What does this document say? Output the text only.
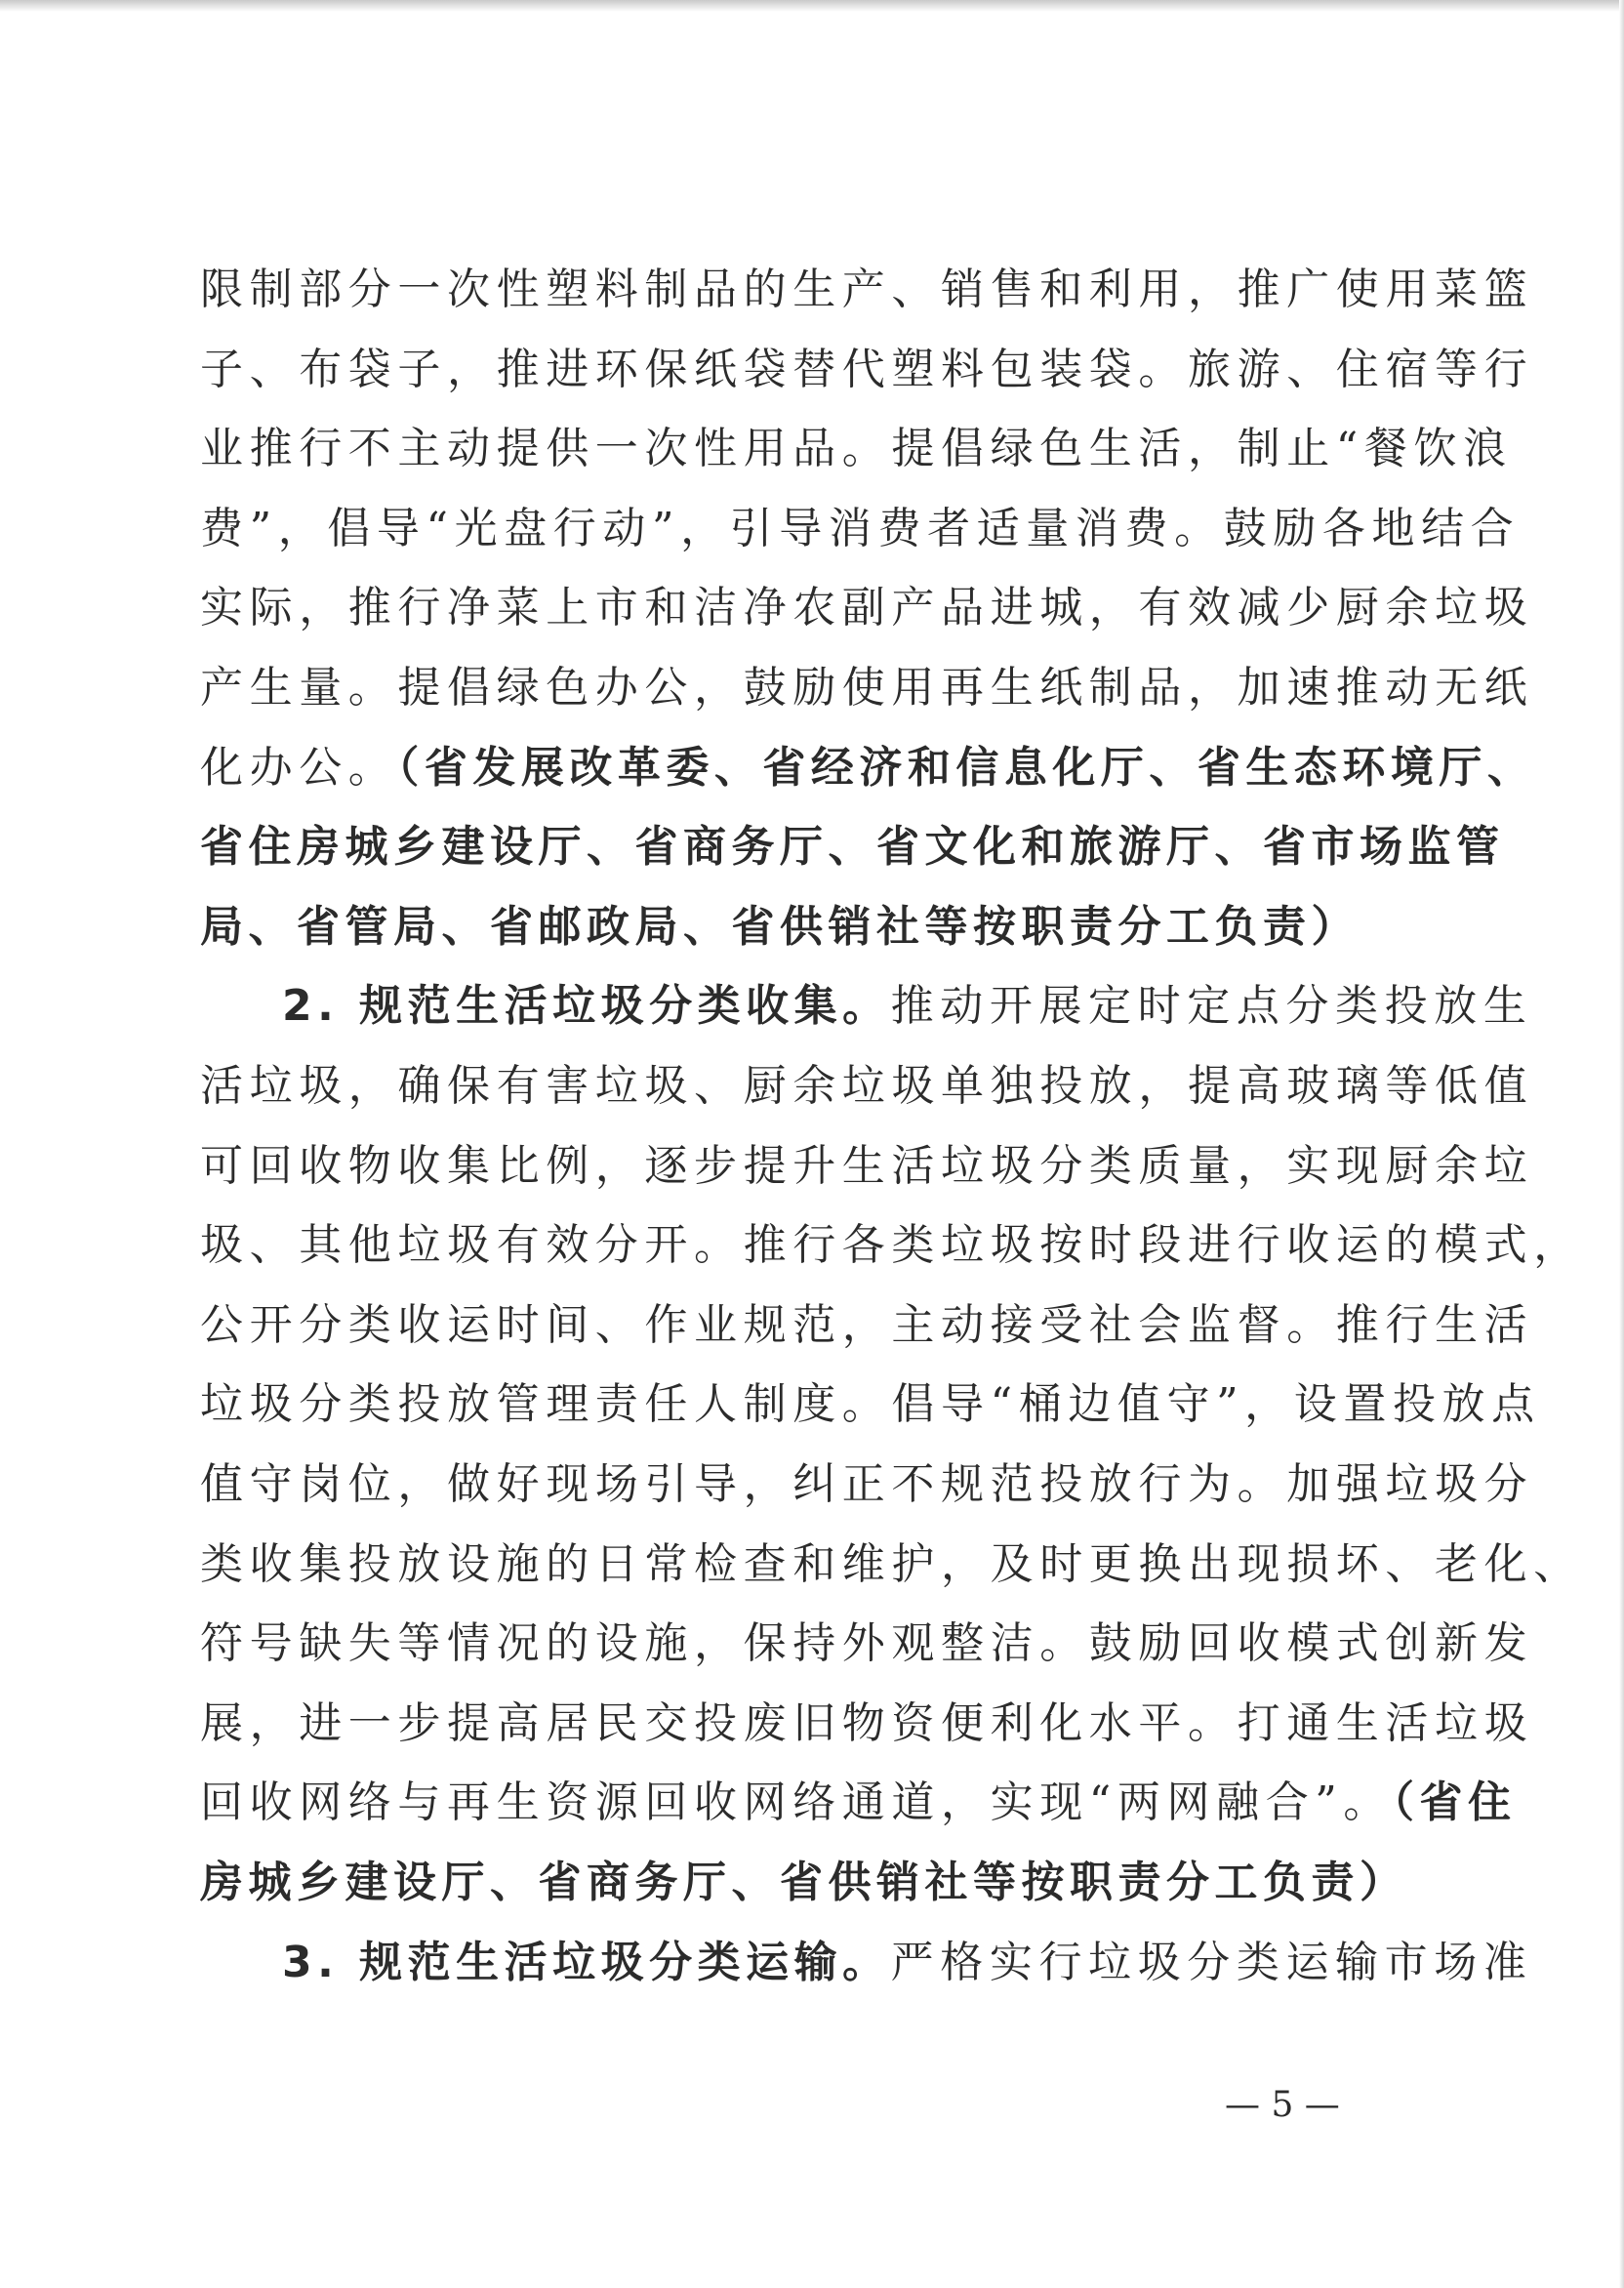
限制部分一次性塑料制品的生产、销售和利用，推广使用菜篮
子、布袋子，推进环保纸袋替代塑料包装袋。旅游、住宿等行
业推行不主动提供一次性用品。提倡绿色生活，制止“餐饮浪
费”，倡导“光盘行动”，引导消费者适量消费。鼓励各地结合
实际，推行净菜上市和洁净农副产品进城，有效减少厨余垃圾
产生量。提倡绿色办公，鼓励使用再生纸制品，加速推动无纸
化办公。（省发展改革委、省经济和信息化厅、省生态环境厅、
省住房城乡建设厅、省商务厅、省文化和旅游厅、省市场监管
局、省管局、省邮政局、省供销社等按职责分工负责）
2. 规范生活垃圾分类收集。推动开展定时定点分类投放生
活垃圾，确保有害垃圾、厨余垃圾单独投放，提高玻璃等低值
可回收物收集比例，逐步提升生活垃圾分类质量，实现厨余垃
圾、其他垃圾有效分开。推行各类垃圾按时段进行收运的模式，
公开分类收运时间、作业规范，主动接受社会监督。推行生活
垃圾分类投放管理责任人制度。倡导“桶边值守”，设置投放点
值守岗位，做好现场引导，纠正不规范投放行为。加强垃圾分
类收集投放设施的日常检查和维护，及时更换出现损坏、老化、
符号缺失等情况的设施，保持外观整洁。鼓励回收模式创新发
展，进一步提高居民交投废旧物资便利化水平。打通生活垃圾
回收网络与再生资源回收网络通道，实现“两网融合”。（省住
房城乡建设厅、省商务厅、省供销社等按职责分工负责）
3. 规范生活垃圾分类运输。严格实行垃圾分类运输市场准
— 5 —
